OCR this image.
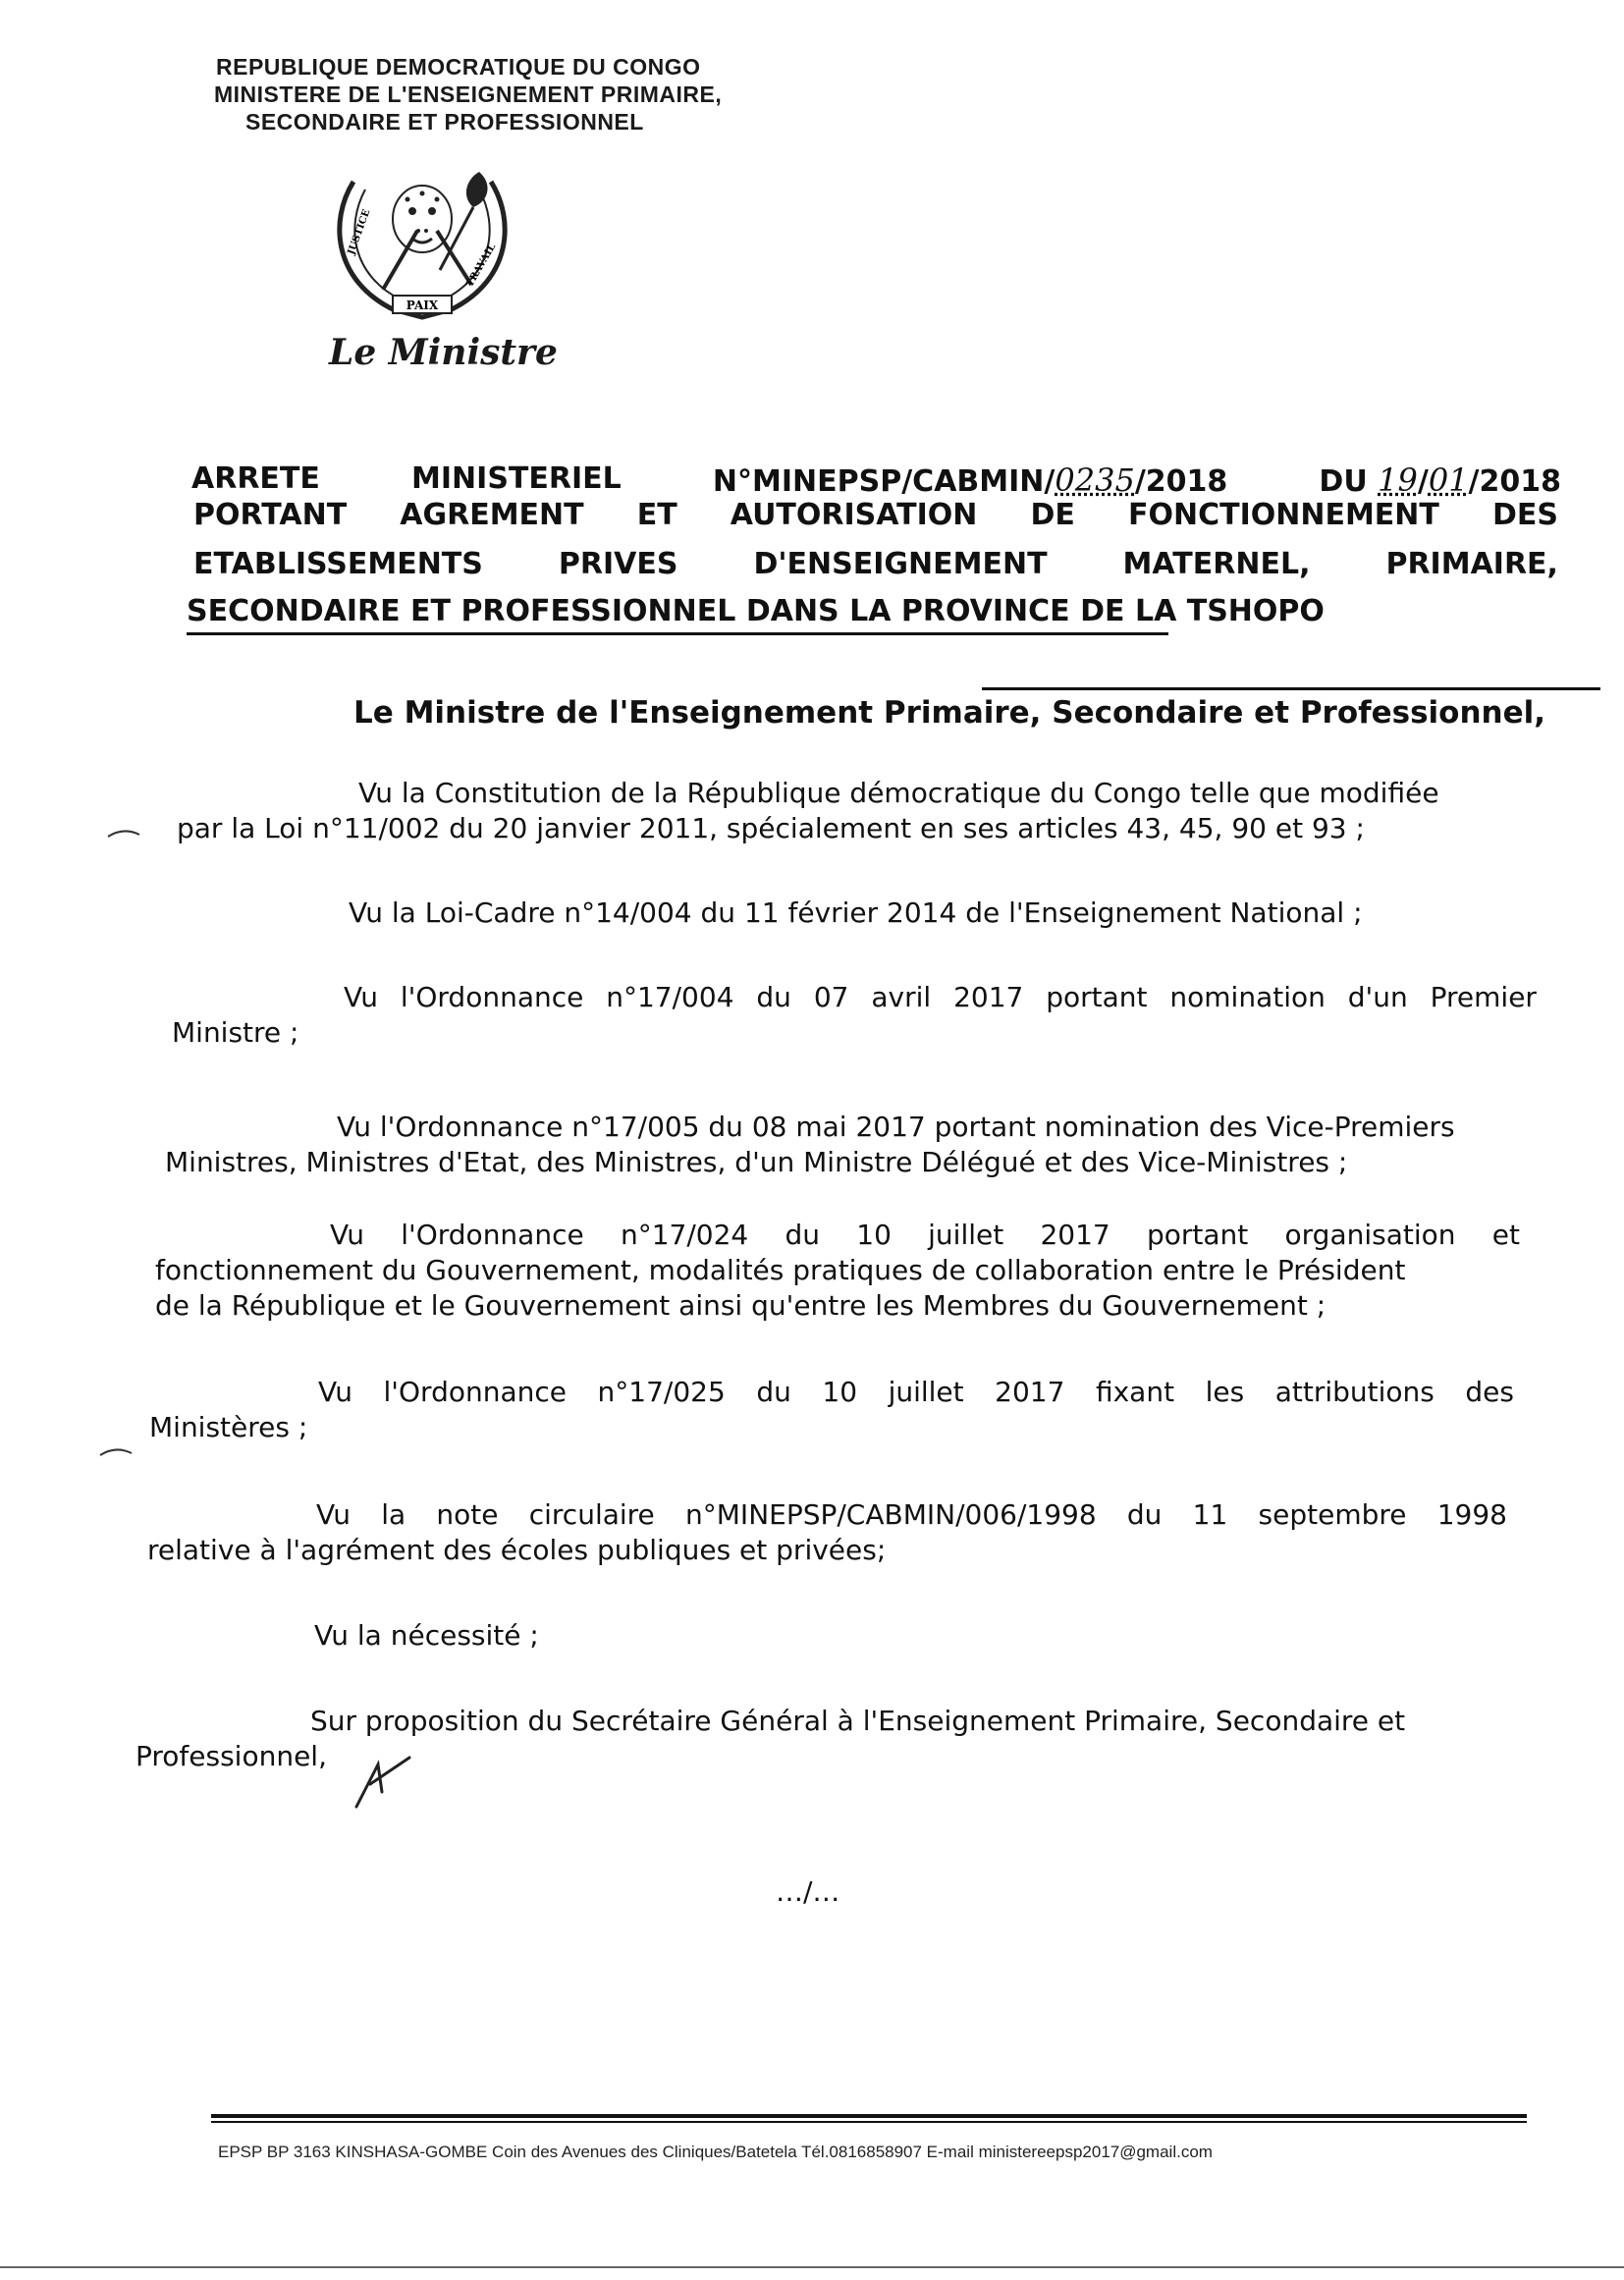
REPUBLIQUE DEMOCRATIQUE DU CONGO
MINISTERE DE L'ENSEIGNEMENT PRIMAIRE,
SECONDAIRE ET PROFESSIONNEL
PAIX
JUSTICE
TRAVAIL
Le Ministre
ARRETE	MINISTERIEL	N°MINEPSP/CABMIN/0235/2018	DU 19/01/2018
PORTANT AGREMENT ET AUTORISATION DE FONCTIONNEMENT DES
ETABLISSEMENTS	PRIVES	D'ENSEIGNEMENT	MATERNEL,	PRIMAIRE,
SECONDAIRE ET PROFESSIONNEL DANS LA PROVINCE DE LA TSHOPO
Le Ministre de l'Enseignement Primaire, Secondaire et Professionnel,
Vu la Constitution de la République démocratique du Congo telle que modifiée
par la Loi n°11/002 du 20 janvier 2011, spécialement en ses articles 43, 45, 90 et 93 ;
Vu la Loi-Cadre n°14/004 du 11 février 2014 de l'Enseignement National ;
Vu l'Ordonnance n°17/004 du 07 avril 2017 portant nomination d'un Premier
Ministre ;
Vu l'Ordonnance n°17/005 du 08 mai 2017 portant nomination des Vice-Premiers
Ministres, Ministres d'Etat, des Ministres, d'un Ministre Délégué et des Vice-Ministres ;
Vu l'Ordonnance n°17/024 du 10 juillet 2017 portant organisation et
fonctionnement du Gouvernement, modalités pratiques de collaboration entre le Président
de la République et le Gouvernement ainsi qu'entre les Membres du Gouvernement ;
Vu l'Ordonnance n°17/025 du 10 juillet 2017 fixant les attributions des
Ministères ;
Vu la note circulaire n°MINEPSP/CABMIN/006/1998 du 11 septembre 1998
relative à l'agrément des écoles publiques et privées;
Vu la nécessité ;
Sur proposition du Secrétaire Général à l'Enseignement Primaire, Secondaire et
Professionnel,
…/…
EPSP BP 3163 KINSHASA-GOMBE Coin des Avenues des Cliniques/Batetela Tél.0816858907 E-mail ministereepsp2017@gmail.com
